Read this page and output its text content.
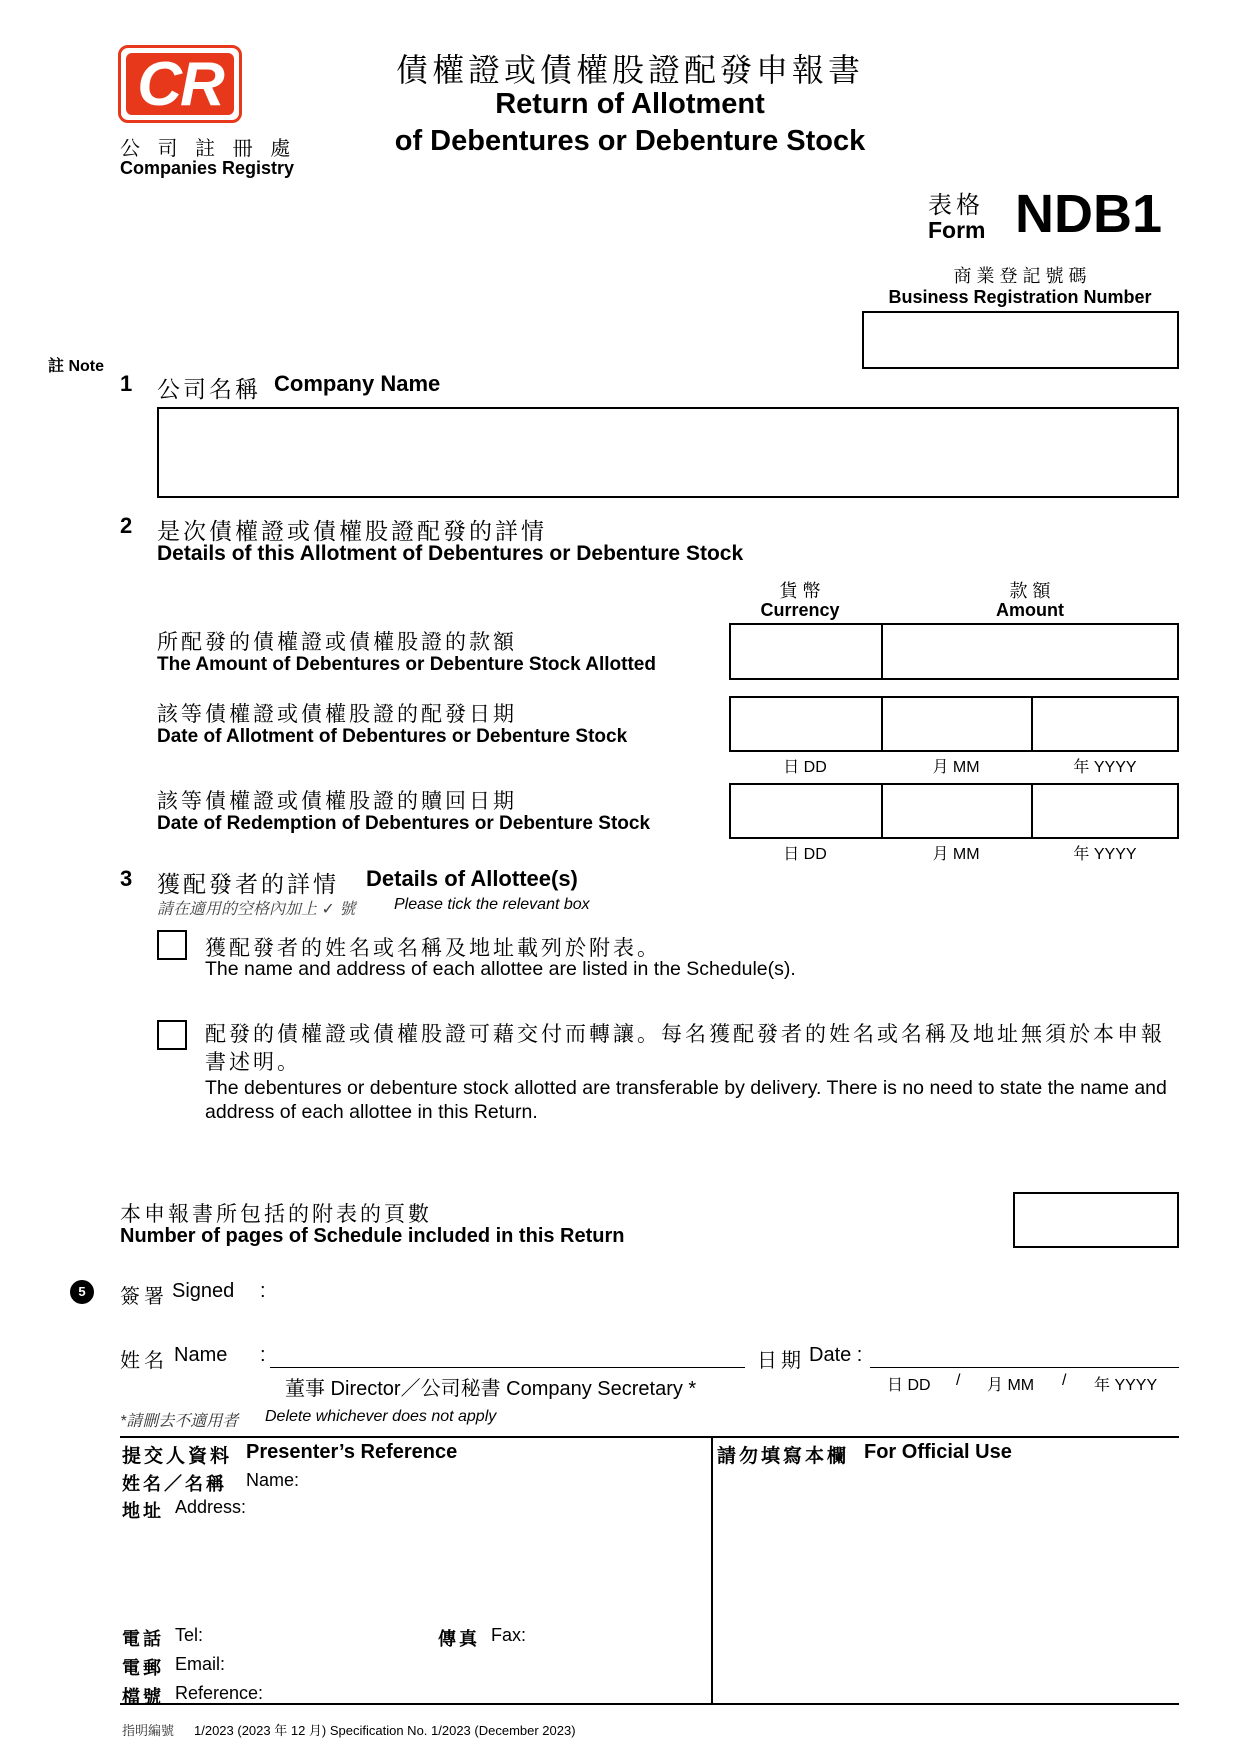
CR
公 司 註 冊 處
Companies Registry
債權證或債權股證配發申報書
Return of Allotment
of Debentures or Debenture Stock
表格
Form NDB1
商 業 登 記 號 碼
Business Registration Number
註 Note
1 公司名稱 Company Name
2 是次債權證或債權股證配發的詳情
Details of this Allotment of Debentures or Debenture Stock
貨 幣
Currency
款 額
Amount
所配發的債權證或債權股證的款額
The Amount of Debentures or Debenture Stock Allotted
該等債權證或債權股證的配發日期
Date of Allotment of Debentures or Debenture Stock
日 DD	月 MM	年 YYYY
該等債權證或債權股證的贖回日期
Date of Redemption of Debentures or Debenture Stock
日 DD	月 MM	年 YYYY
3 獲配發者的詳情 Details of Allottee(s)
請在適用的空格內加上 ✓ 號 Please tick the relevant box
獲配發者的姓名或名稱及地址載列於附表。
The name and address of each allottee are listed in the Schedule(s).
配發的債權證或債權股證可藉交付而轉讓。每名獲配發者的姓名或名稱及地址無須於本申報書述明。
The debentures or debenture stock allotted are transferable by delivery. There is no need to state the name and address of each allottee in this Return.
本申報書所包括的附表的頁數
Number of pages of Schedule included in this Return
5	簽署 Signed :
姓名 Name :
董事 Director／公司秘書 Company Secretary *
日期 Date :
日 DD / 月 MM / 年 YYYY
*請刪去不適用者 Delete whichever does not apply
提交人資料 Presenter’s Reference
姓名／名稱 Name:
地址 Address:
電話 Tel:	傳真 Fax:
電郵 Email:
檔號 Reference:
請勿填寫本欄 For Official Use
指明編號 1/2023 (2023 年 12 月) Specification No. 1/2023 (December 2023)
